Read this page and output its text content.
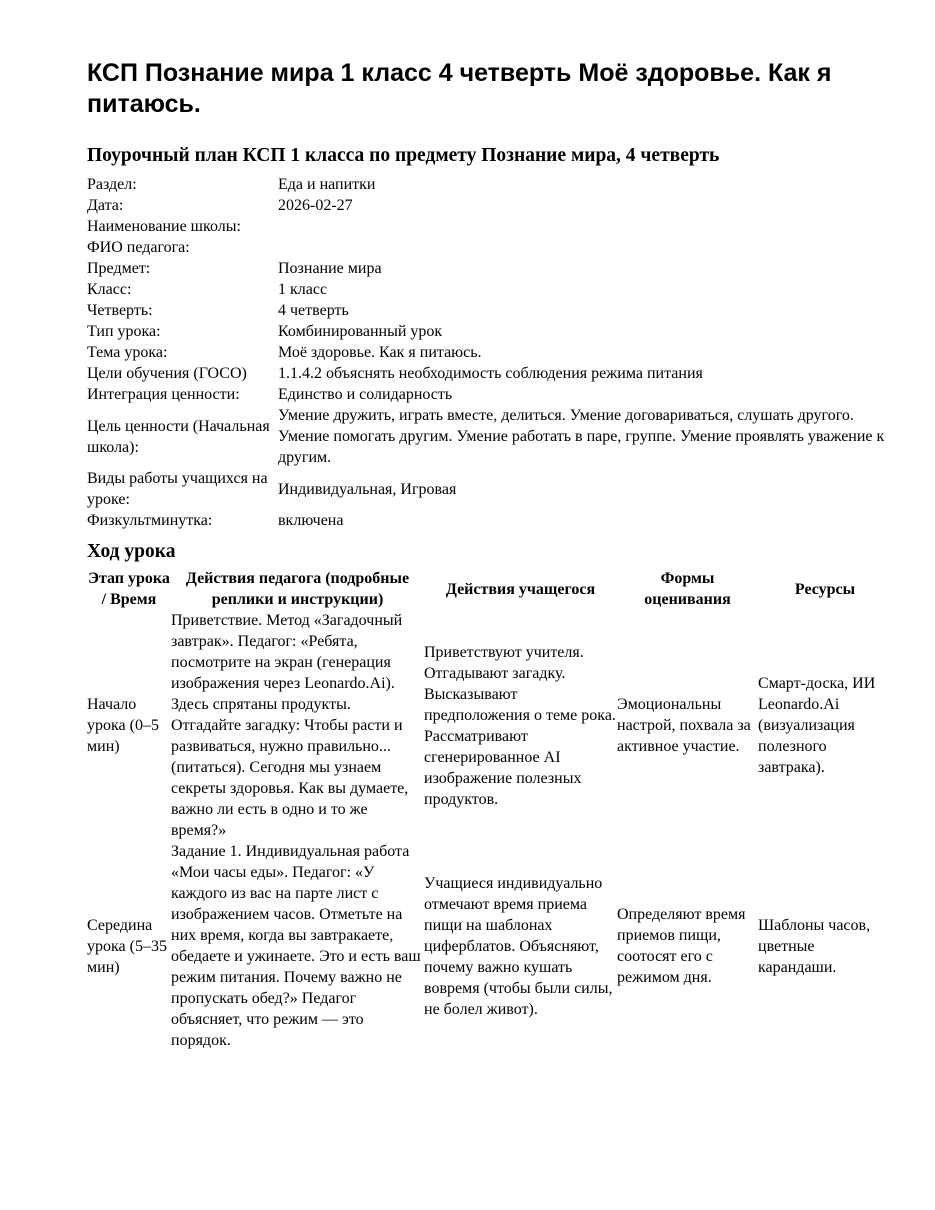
КСП Познание мира 1 класс 4 четверть Моё здоровье. Как я питаюсь.
Поурочный план КСП 1 класса по предмету Познание мира, 4 четверть
Раздел:	Еда и напитки
Дата:	2026-02-27
Наименование школы:	
ФИО педагога:	
Предмет:	Познание мира
Класс:	1 класс
Четверть:	4 четверть
Тип урока:	Комбинированный урок
Тема урока:	Моё здоровье. Как я питаюсь.
Цели обучения (ГОСО)	1.1.4.2 объяснять необходимость соблюдения режима питания
Интеграция ценности:	Единство и солидарность
Цель ценности (Начальная школа):	Умение дружить, играть вместе, делиться. Умение договариваться, слушать другого. Умение помогать другим. Умение работать в паре, группе. Умение проявлять уважение к другим.
Виды работы учащихся на уроке:	Индивидуальная, Игровая
Физкультминутка:	включена
Ход урока
Этап урока / Время	Действия педагога (подробные реплики и инструкции)	Действия учащегося	Формы оценивания	Ресурсы
Начало урока (0–5 мин)	Приветствие. Метод «Загадочный завтрак». Педагог: «Ребята, посмотрите на экран (генерация изображения через Leonardo.Ai). Здесь спрятаны продукты. Отгадайте загадку: Чтобы расти и развиваться, нужно правильно... (питаться). Сегодня мы узнаем секреты здоровья. Как вы думаете, важно ли есть в одно и то же время?»	Приветствуют учителя. Отгадывают загадку. Высказывают предположения о теме рока. Рассматривают сгенерированное AI изображение полезных продуктов.	Эмоциональны настрой, похвала за активное участие.	Смарт-доска, ИИ Leonardo.Ai (визуализация полезного завтрака).
Середина урока (5–35 мин)	Задание 1. Индивидуальная работа «Мои часы еды». Педагог: «У каждого из вас на парте лист с изображением часов. Отметьте на них время, когда вы завтракаете, обедаете и ужинаете. Это и есть ваш режим питания. Почему важно не пропускать обед?» Педагог объясняет, что режим — это порядок.	Учащиеся индивидуально отмечают время приема пищи на шаблонах циферблатов. Объясняют, почему важно кушать вовремя (чтобы были силы, не болел живот).	Определяют время приемов пищи, соотосят его с режимом дня.	Шаблоны часов, цветные карандаши.
